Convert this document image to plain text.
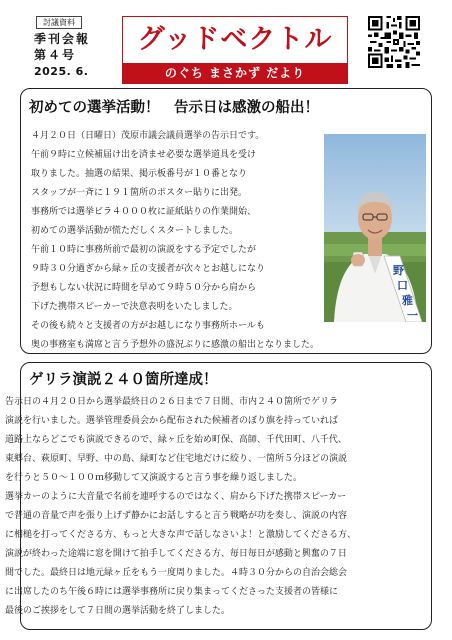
討議資料
季刊会報
第４号
2025. 6.
グッドベクトル
のぐち まさかず だより
初めての選挙活動！　告示日は感激の船出！
４月２０日（日曜日）茂原市議会議員選挙の告示日です。
午前９時に立候補届け出を済ませ必要な選挙道具を受け
取りました。抽選の結果、掲示板番号が１０番となり
スタッフが一斉に１９１箇所のポスター貼りに出発。
事務所では選挙ビラ４０００枚に証紙貼りの作業開始、
初めての選挙活動が慌ただしくスタートしました。
午前１０時に事務所前で最初の演説をする予定でしたが
９時３０分過ぎから緑ヶ丘の支援者が次々とお越しになり
予想もしない状況に時間を早めて９時５０分から肩から
下げた携帯スピーカーで決意表明をいたしました。
その後も続々と支援者の方がお越しになり事務所ホールも
奥の事務室も満席と言う予想外の盛況ぶりに感激の船出となりました。
野
口
雅
一
ゲリラ演説２４０箇所達成！
告示日の４月２０日から選挙最終日の２６日まで７日間、市内２４０箇所でゲリラ
演説を行いました。選挙管理委員会から配布された候補者のぼり旗を持っていれば
道路上ならどこでも演説できるので、緑ヶ丘を始め町保、高師、千代田町、八千代、
東郷台、萩原町、早野、中の島、緑町など住宅地だけに絞り、一箇所５分ほどの演説
を行うと５０～１００ｍ移動して又演説すると言う事を繰り返しました。
選挙カーのように大音量で名前を連呼するのではなく、肩から下げた携帯スピーカー
で普通の音量で声を張り上げず静かにお話しすると言う戦略が功を奏し、演説の内容
に相槌を打ってくださる方、もっと大きな声で話しなさいよ！と激励してくださる方、
演説が終わった途端に窓を開けて拍手してくださる方、毎日毎日が感動と興奮の７日
間でした。最終日は地元緑ヶ丘をもう一度周りました。４時３０分からの自治会総会
に出席したのち午後６時には選挙事務所に戻り集まってくださった支援者の皆様に
最後のご挨拶をして７日間の選挙活動を終了しました。
